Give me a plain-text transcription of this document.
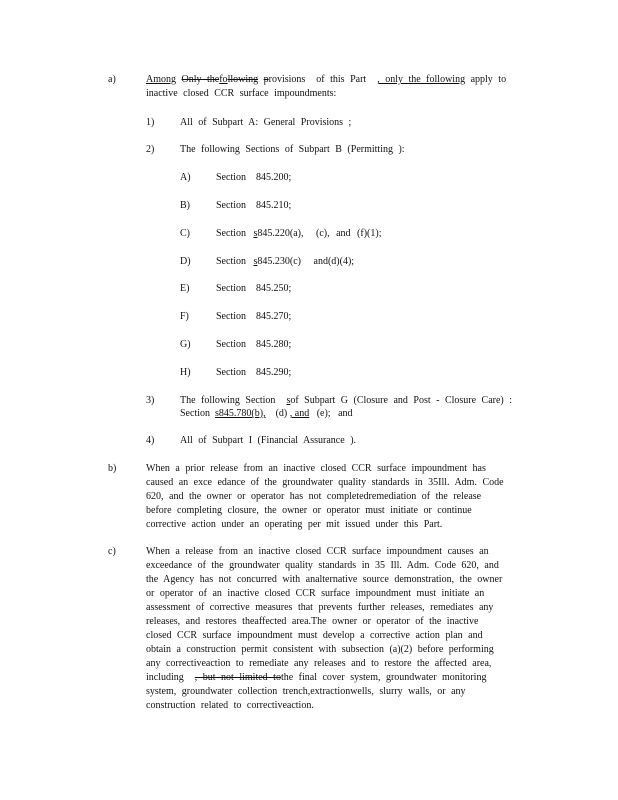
a)	Among Only thefollowing provisions of this Part , only the following apply to
inactive closed CCR surface impoundments:
1)	All of Subpart A: General Provisions ;
2)	The following Sections of Subpart B (Permitting ):
A)	Section 845.200;
B)	Section 845.210;
C)	Section s845.220(a), (c), and (f)(1);
D)	Section s845.230(c) and(d)(4);
E)	Section 845.250;
F)	Section 845.270;
G)	Section 845.280;
H)	Section 845.290;
3)	The following Section sof Subpart G (Closure and Post - Closure Care) :
Section s845.780(b), (d) , and (e); and
4)	All of Subpart I (Financial Assurance ).
b)	When a prior release from an inactive closed CCR surface impoundment has
caused an exce edance of the groundwater quality standards in 35Ill. Adm. Code
620, and the owner or operator has not completedremediation of the release
before completing closure, the owner or operator must initiate or continue
corrective action under an operating per mit issued under this Part.
c)	When a release from an inactive closed CCR surface impoundment causes an
exceedance of the groundwater quality standards in 35 Ill. Adm. Code 620, and
the Agency has not concurred with analternative source demonstration, the owner
or operator of an inactive closed CCR surface impoundment must initiate an
assessment of corrective measures that prevents further releases, remediates any
releases, and restores theaffected area.The owner or operator of the inactive
closed CCR surface impoundment must develop a corrective action plan and
obtain a construction permit consistent with subsection (a)(2) before performing
any correctiveaction to remediate any releases and to restore the affected area,
including , but not limited tothe final cover system, groundwater monitoring
system, groundwater collection trench,extractionwells, slurry walls, or any
construction related to correctiveaction.
